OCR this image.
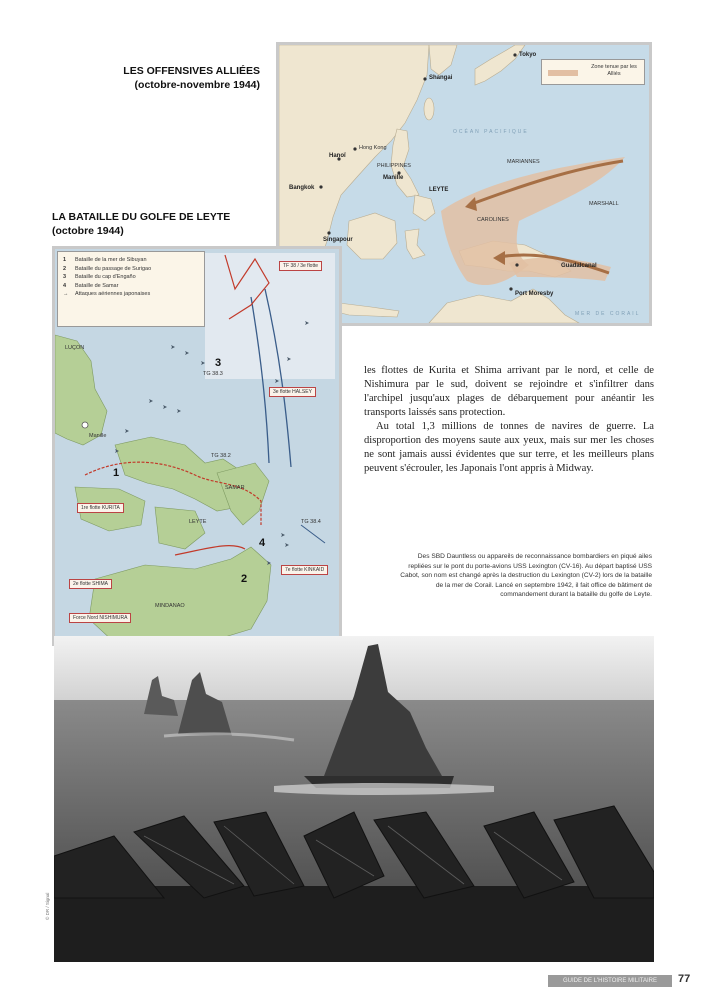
LES OFFENSIVES ALLIÉES
(octobre-novembre 1944)
LA BATAILLE DU GOLFE DE LEYTE
(octobre 1944)
Zone tenue par les Alliés
Tokyo
Shangai
OCÉAN PACIFIQUE
Hanoï
Hong Kong
MARIANNES
PHILIPPINES
Bangkok
Manille
LEYTE
CAROLINES
MARSHALL
Singapour
Guadalcanal
Port Moresby
MER DE CORAIL
1	Bataille de la mer de Sibuyan
2	Bataille du passage de Surigao
3	Bataille du cap d'Engaño
4	Bataille de Samar
→	Attaques aériennes japonaises
TF 38 / 3e flotte
3e flotte HALSEY
1re flotte KURITA
7e flotte KINKAID
2e flotte SHIMA
Force Nord NISHIMURA
LUÇON
Manille
TG 38.3
TG 38.2
TG 38.4
SAMAR
LEYTE
MINDANAO
1
2
3
4

les flottes de Kurita et Shima arrivant par le nord, et celle de Nishimura par le sud, doivent se rejoindre et s'infiltrer dans l'archipel jusqu'aux plages de débarquement pour anéantir les transports laissés sans protection.

Au total 1,3 millions de tonnes de navires de guerre. La disproportion des moyens saute aux yeux, mais sur mer les choses ne sont jamais aussi évidentes que sur terre, et les meilleurs plans peuvent s'écrouler, les Japonais l'ont appris à Midway.

Des SBD Dauntless ou appareils de reconnaissance bombardiers en piqué ailes repliées sur le pont du porte-avions USS Lexington (CV-16). Au départ baptisé USS Cabot, son nom est changé après la destruction du Lexington (CV-2) lors de la bataille de la mer de Corail. Lancé en septembre 1942, il fait office de bâtiment de commandement durant la bataille du golfe de Leyte.
© DR / Signal
GUIDE DE L'HISTOIRE MILITAIRE	77
